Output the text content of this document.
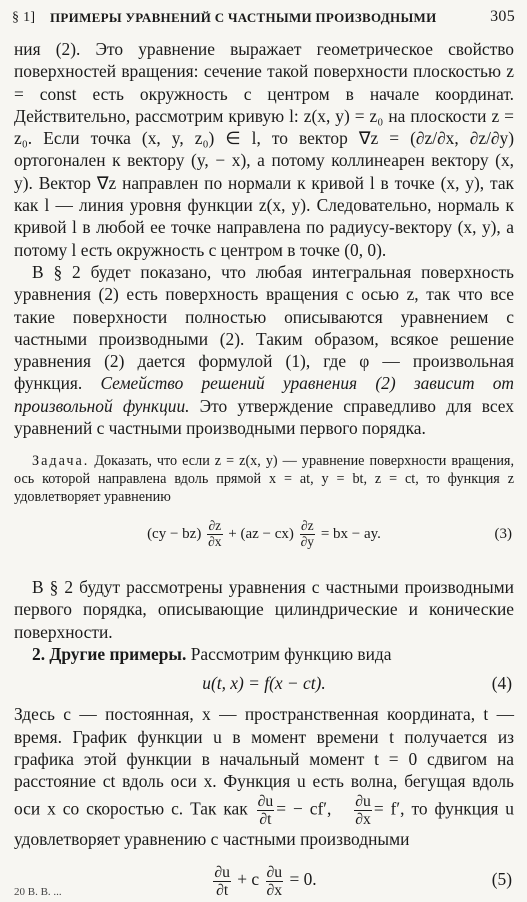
§ 1] ПРИМЕРЫ УРАВНЕНИЙ С ЧАСТНЫМИ ПРОИЗВОДНЫМИ	305

ния (2). Это уравнение выражает геометрическое свойство поверхностей вращения: сечение такой поверхности плоскостью z = const есть окружность с центром в начале координат. Действительно, рассмотрим кривую l: z(x, y) = z₀ на плоскости z = z₀. Если точка (x, y, z₀) ∈ l, то вектор ∇z = (∂z/∂x, ∂z/∂y) ортогонален к вектору (y, − x), а потому коллинеарен вектору (x, y). Вектор ∇z направлен по нормали к кривой l в точке (x, y), так как l — линия уровня функции z(x, y). Следовательно, нормаль к кривой l в любой ее точке направлена по радиусу-вектору (x, y), а потому l есть окружность с центром в точке (0, 0).

В § 2 будет показано, что любая интегральная поверхность уравнения (2) есть поверхность вращения с осью z, так что все такие поверхности полностью описываются уравнением с частными производными (2). Таким образом, всякое решение уравнения (2) дается формулой (1), где φ — произвольная функция. Семейство решений уравнения (2) зависит от произвольной функции. Это утверждение справедливо для всех уравнений с частными производными первого порядка.

Задача. Доказать, что если z = z(x, y) — уравнение поверхности вращения, ось которой направлена вдоль прямой x = at, y = bt, z = ct, то функция z удовлетворяет уравнению

$(cy - bz) \frac{\partial z}{\partial x} + (az - cx) \frac{\partial z}{\partial y}$ = bx − ay.	(3)

В § 2 будут рассмотрены уравнения с частными производными первого порядка, описывающие цилиндрические и конические поверхности.

2. Другие примеры. Рассмотрим функцию вида

u(t, x) = f(x − ct).	(4)

Здесь c — постоянная, x — пространственная координата, t — время. График функции u в момент времени t получается из графика этой функции в начальный момент t = 0 сдвигом на расстояние ct вдоль оси x. Функция u есть волна, бегущая вдоль оси x со скоростью c. Так как $\frac{\partial u}{\partial t}$ = − cf′, $\frac{\partial u}{\partial x} = f'$, то функция u удовлетворяет уравнению с частными производными

$\frac{\partial u}{\partial t} + c \frac{\partial u}{\partial x} = 0$.	(5)
20 В. В. ...
